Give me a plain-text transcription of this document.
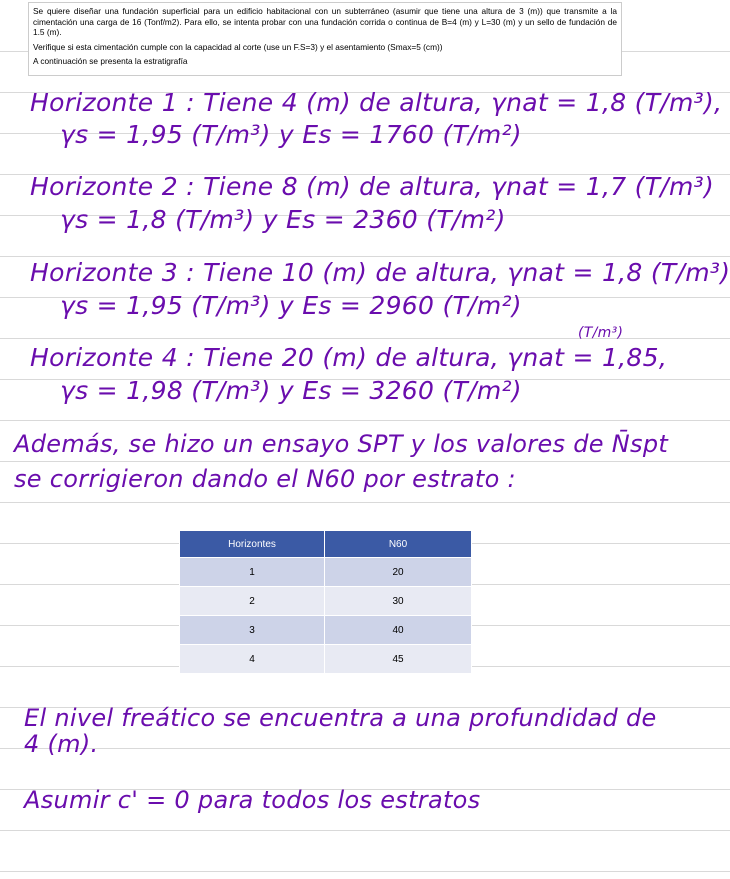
Se quiere diseñar una fundación superficial para un edificio habitacional con un subterráneo (asumir que tiene una altura de 3 (m)) que transmite a la cimentación una carga de 16 (Tonf/m2). Para ello, se intenta probar con una fundación corrida o continua de B=4 (m) y L=30 (m) y un sello de fundación de 1.5 (m).

Verifique si esta cimentación cumple con la capacidad al corte (use un F.S=3) y el asentamiento (Smax=5 (cm))

A continuación se presenta la estratigrafía

Horizonte 1 : Tiene 4 (m) de altura, γnat = 1,8 (T/m³),
γs = 1,95 (T/m³) y Es = 1760 (T/m²)
Horizonte 2 : Tiene 8 (m) de altura, γnat = 1,7 (T/m³)
γs = 1,8 (T/m³) y Es = 2360 (T/m²)
Horizonte 3 : Tiene 10 (m) de altura, γnat = 1,8 (T/m³)
γs = 1,95 (T/m³) y Es = 2960 (T/m²)
(T/m³)
Horizonte 4 : Tiene 20 (m) de altura, γnat = 1,85,
γs = 1,98 (T/m³) y Es = 3260 (T/m²)
Además, se hizo un ensayo SPT y los valores de N̄spt
se corrigieron dando el N60 por estrato :
Horizontes	N60
1	20
2	30
3	40
4	45
El nivel freático se encuentra a una profundidad de
4 (m).
Asumir c' = 0 para todos los estratos
